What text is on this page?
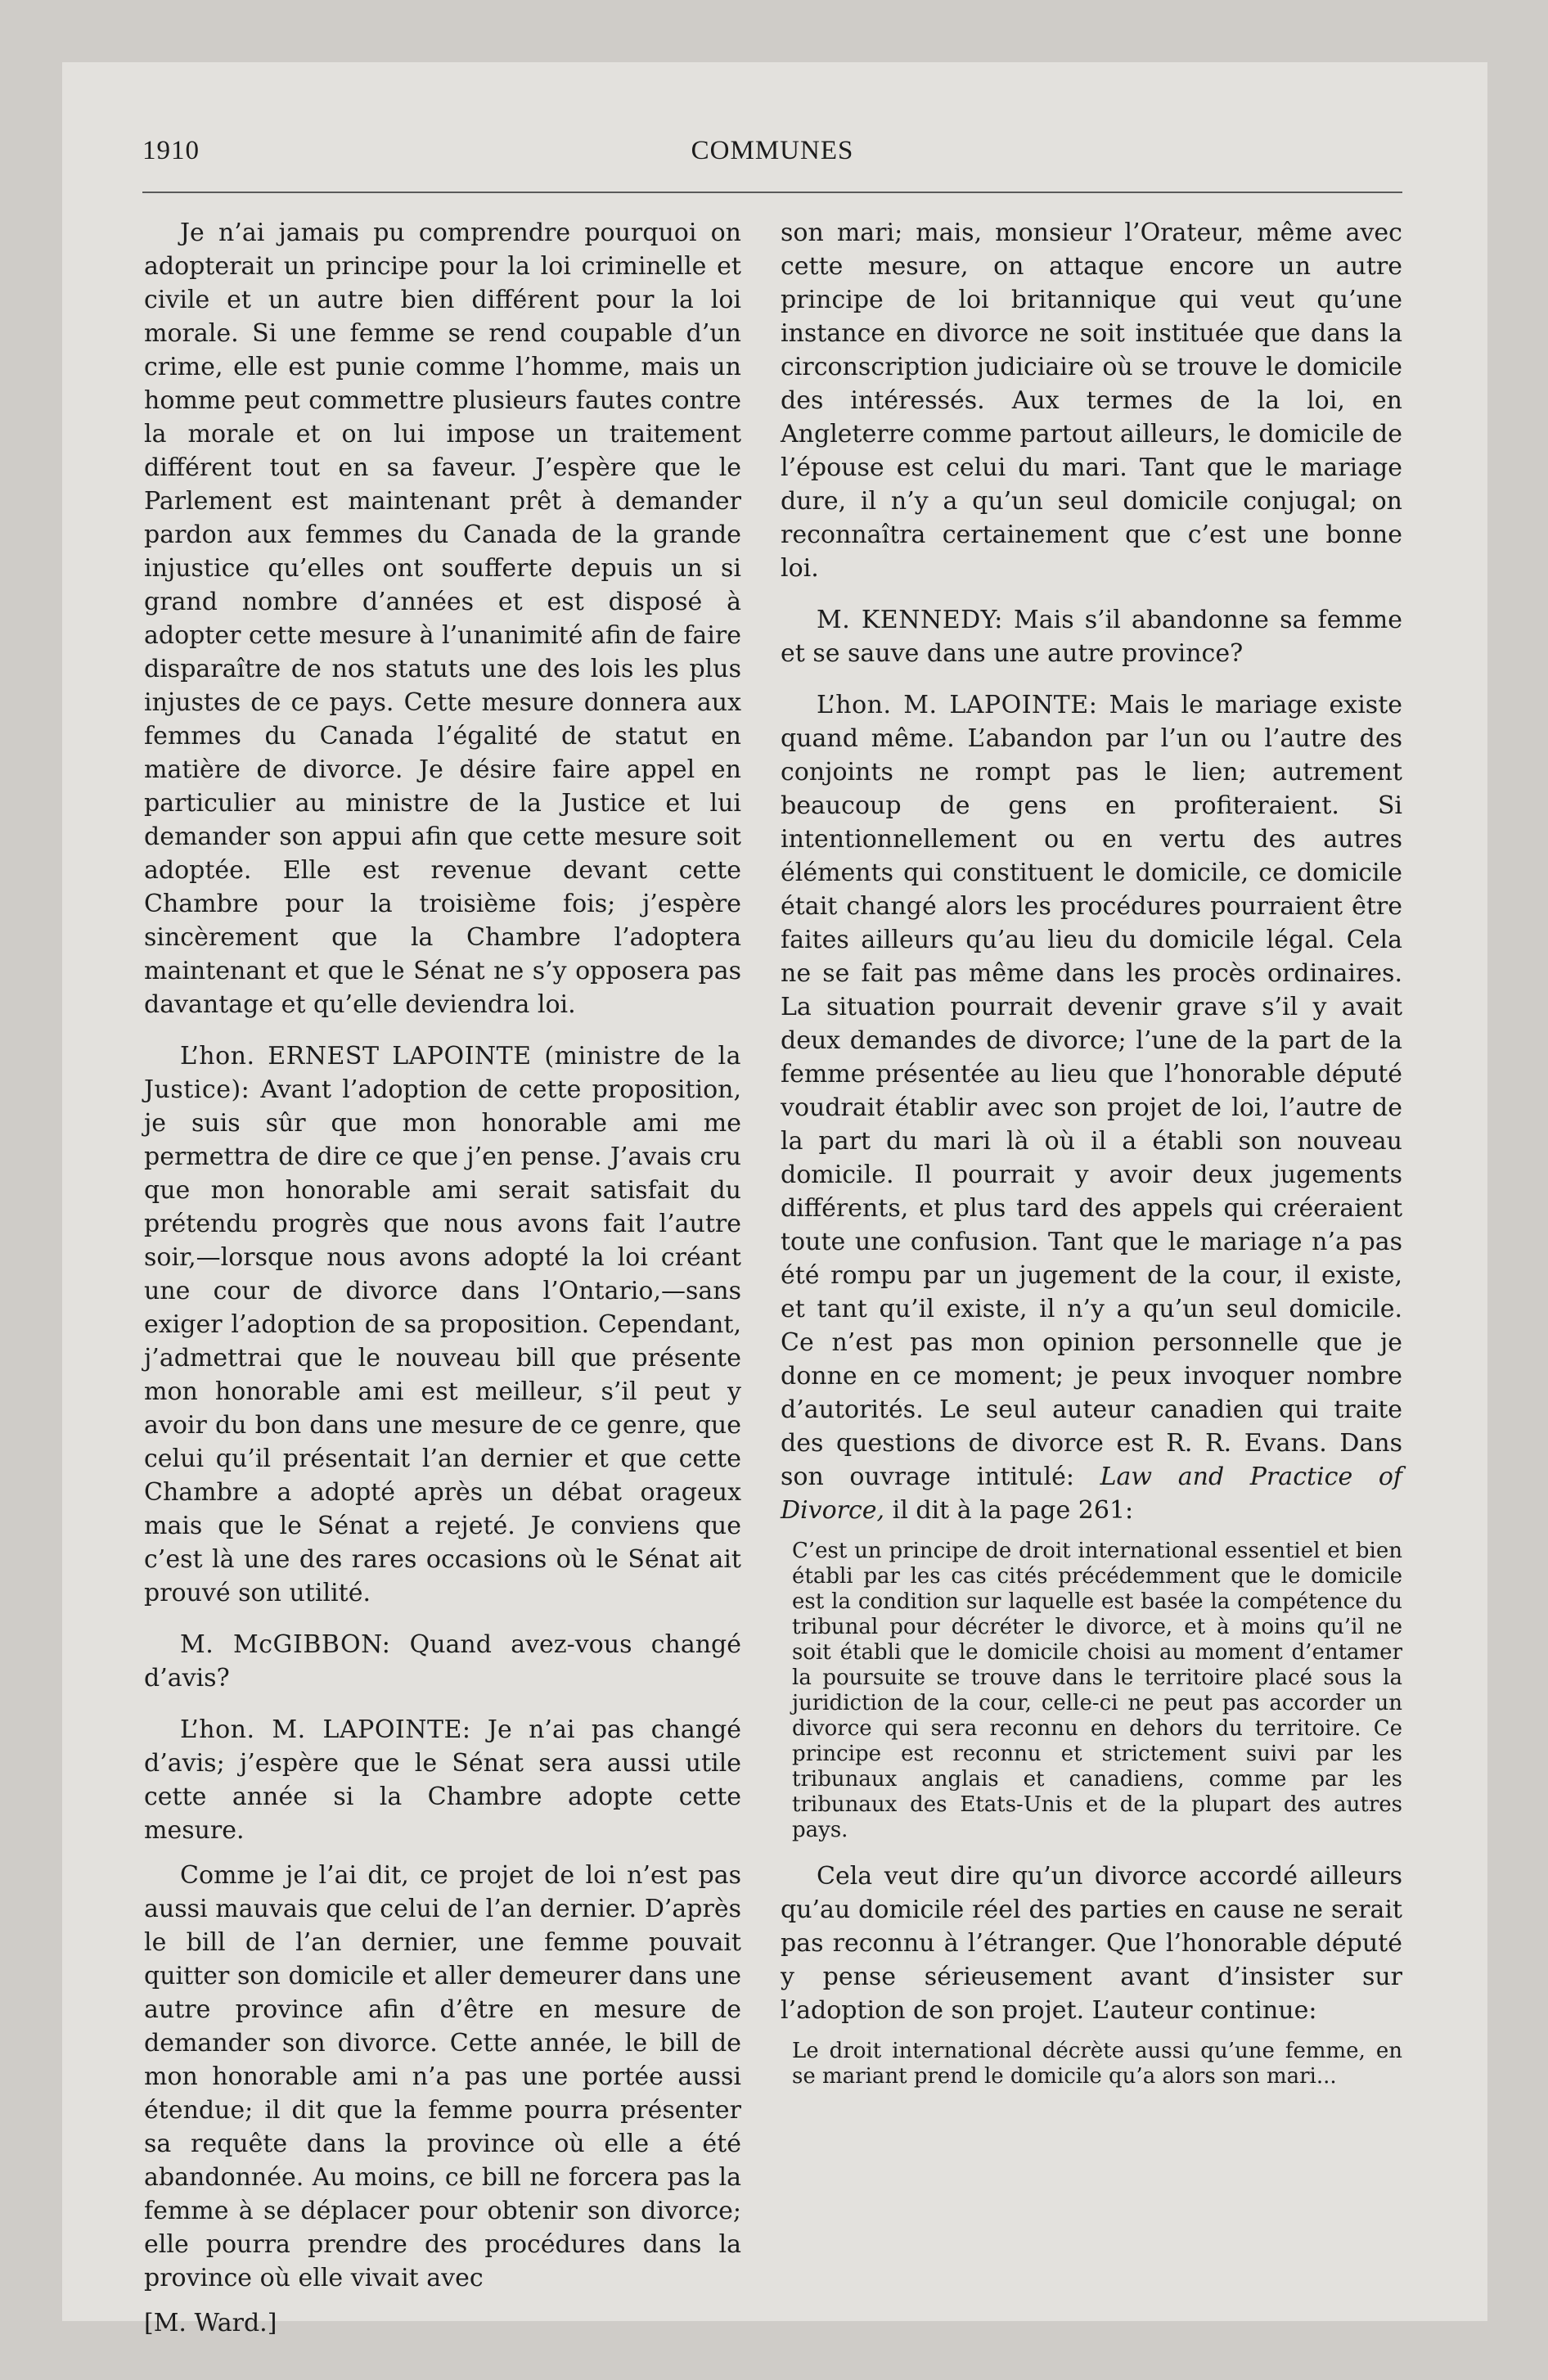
1910	COMMUNES

Je n’ai jamais pu comprendre pourquoi on adopterait un principe pour la loi criminelle et civile et un autre bien différent pour la loi morale. Si une femme se rend coupable d’un crime, elle est punie comme l’homme, mais un homme peut commettre plusieurs fautes contre la morale et on lui impose un traitement différent tout en sa faveur. J’espère que le Parlement est maintenant prêt à demander pardon aux femmes du Canada de la grande injustice qu’elles ont soufferte depuis un si grand nombre d’années et est disposé à adopter cette mesure à l’unanimité afin de faire disparaître de nos statuts une des lois les plus injustes de ce pays. Cette mesure donnera aux femmes du Canada l’égalité de statut en matière de divorce. Je désire faire appel en particulier au ministre de la Justice et lui demander son appui afin que cette mesure soit adoptée. Elle est revenue devant cette Chambre pour la troisième fois; j’espère sincèrement que la Chambre l’adoptera maintenant et que le Sénat ne s’y opposera pas davantage et qu’elle deviendra loi.

L’hon. ERNEST LAPOINTE (ministre de la Justice): Avant l’adoption de cette proposition, je suis sûr que mon honorable ami me permettra de dire ce que j’en pense. J’avais cru que mon honorable ami serait satisfait du prétendu progrès que nous avons fait l’autre soir,—lorsque nous avons adopté la loi créant une cour de divorce dans l’Ontario,—sans exiger l’adoption de sa proposition. Cependant, j’admettrai que le nouveau bill que présente mon honorable ami est meilleur, s’il peut y avoir du bon dans une mesure de ce genre, que celui qu’il présentait l’an dernier et que cette Chambre a adopté après un débat orageux mais que le Sénat a rejeté. Je conviens que c’est là une des rares occasions où le Sénat ait prouvé son utilité.

M. McGIBBON: Quand avez-vous changé d’avis?

L’hon. M. LAPOINTE: Je n’ai pas changé d’avis; j’espère que le Sénat sera aussi utile cette année si la Chambre adopte cette mesure.

Comme je l’ai dit, ce projet de loi n’est pas aussi mauvais que celui de l’an dernier. D’après le bill de l’an dernier, une femme pouvait quitter son domicile et aller demeurer dans une autre province afin d’être en mesure de demander son divorce. Cette année, le bill de mon honorable ami n’a pas une portée aussi étendue; il dit que la femme pourra présenter sa requête dans la province où elle a été abandonnée. Au moins, ce bill ne forcera pas la femme à se déplacer pour obtenir son divorce; elle pourra prendre des procédures dans la province où elle vivait avec

[M. Ward.]

son mari; mais, monsieur l’Orateur, même avec cette mesure, on attaque encore un autre principe de loi britannique qui veut qu’une instance en divorce ne soit instituée que dans la circonscription judiciaire où se trouve le domicile des intéressés. Aux termes de la loi, en Angleterre comme partout ailleurs, le domicile de l’épouse est celui du mari. Tant que le mariage dure, il n’y a qu’un seul domicile conjugal; on reconnaîtra certainement que c’est une bonne loi.

M. KENNEDY: Mais s’il abandonne sa femme et se sauve dans une autre province?

L’hon. M. LAPOINTE: Mais le mariage existe quand même. L’abandon par l’un ou l’autre des conjoints ne rompt pas le lien; autrement beaucoup de gens en profiteraient. Si intentionnellement ou en vertu des autres éléments qui constituent le domicile, ce domicile était changé alors les procédures pourraient être faites ailleurs qu’au lieu du domicile légal. Cela ne se fait pas même dans les procès ordinaires. La situation pourrait devenir grave s’il y avait deux demandes de divorce; l’une de la part de la femme présentée au lieu que l’honorable député voudrait établir avec son projet de loi, l’autre de la part du mari là où il a établi son nouveau domicile. Il pourrait y avoir deux jugements différents, et plus tard des appels qui créeraient toute une confusion. Tant que le mariage n’a pas été rompu par un jugement de la cour, il existe, et tant qu’il existe, il n’y a qu’un seul domicile. Ce n’est pas mon opinion personnelle que je donne en ce moment; je peux invoquer nombre d’autorités. Le seul auteur canadien qui traite des questions de divorce est R. R. Evans. Dans son ouvrage intitulé: Law and Practice of Divorce, il dit à la page 261:

C’est un principe de droit international essentiel et bien établi par les cas cités précédemment que le domicile est la condition sur laquelle est basée la compétence du tribunal pour décréter le divorce, et à moins qu’il ne soit établi que le domicile choisi au moment d’entamer la poursuite se trouve dans le territoire placé sous la juridiction de la cour, celle-ci ne peut pas accorder un divorce qui sera reconnu en dehors du territoire. Ce principe est reconnu et strictement suivi par les tribunaux anglais et canadiens, comme par les tribunaux des Etats-Unis et de la plupart des autres pays.

Cela veut dire qu’un divorce accordé ailleurs qu’au domicile réel des parties en cause ne serait pas reconnu à l’étranger. Que l’honorable député y pense sérieusement avant d’insister sur l’adoption de son projet. L’auteur continue:

Le droit international décrète aussi qu’une femme, en se mariant prend le domicile qu’a alors son mari...
